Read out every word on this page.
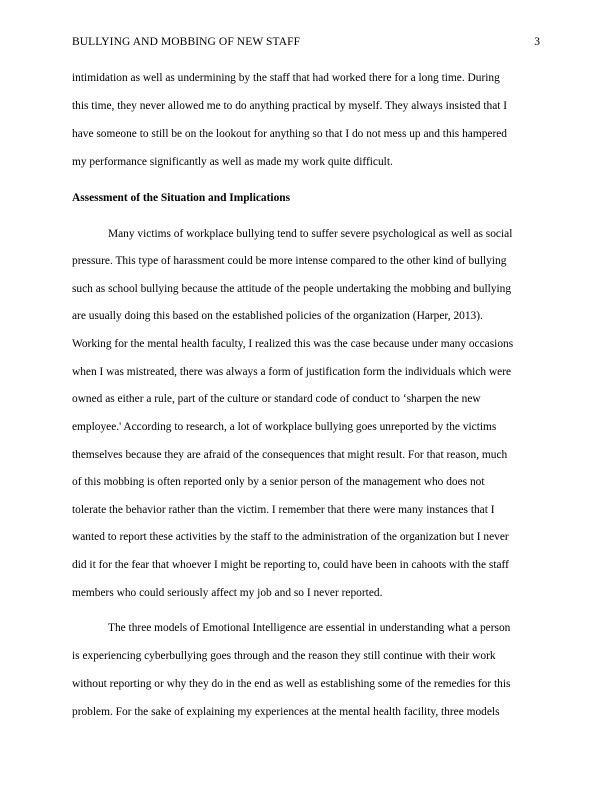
BULLYING AND MOBBING OF NEW STAFF	3
intimidation as well as undermining by the staff that had worked there for a long time. During
this time, they never allowed me to do anything practical by myself. They always insisted that I
have someone to still be on the lookout for anything so that I do not mess up and this hampered
my performance significantly as well as made my work quite difficult.
Assessment of the Situation and Implications
Many victims of workplace bullying tend to suffer severe psychological as well as social
pressure. This type of harassment could be more intense compared to the other kind of bullying
such as school bullying because the attitude of the people undertaking the mobbing and bullying
are usually doing this based on the established policies of the organization (Harper, 2013).
Working for the mental health faculty, I realized this was the case because under many occasions
when I was mistreated, there was always a form of justification form the individuals which were
owned as either a rule, part of the culture or standard code of conduct to ‘sharpen the new
employee.' According to research, a lot of workplace bullying goes unreported by the victims
themselves because they are afraid of the consequences that might result. For that reason, much
of this mobbing is often reported only by a senior person of the management who does not
tolerate the behavior rather than the victim. I remember that there were many instances that I
wanted to report these activities by the staff to the administration of the organization but I never
did it for the fear that whoever I might be reporting to, could have been in cahoots with the staff
members who could seriously affect my job and so I never reported.
The three models of Emotional Intelligence are essential in understanding what a person
is experiencing cyberbullying goes through and the reason they still continue with their work
without reporting or why they do in the end as well as establishing some of the remedies for this
problem. For the sake of explaining my experiences at the mental health facility, three models
